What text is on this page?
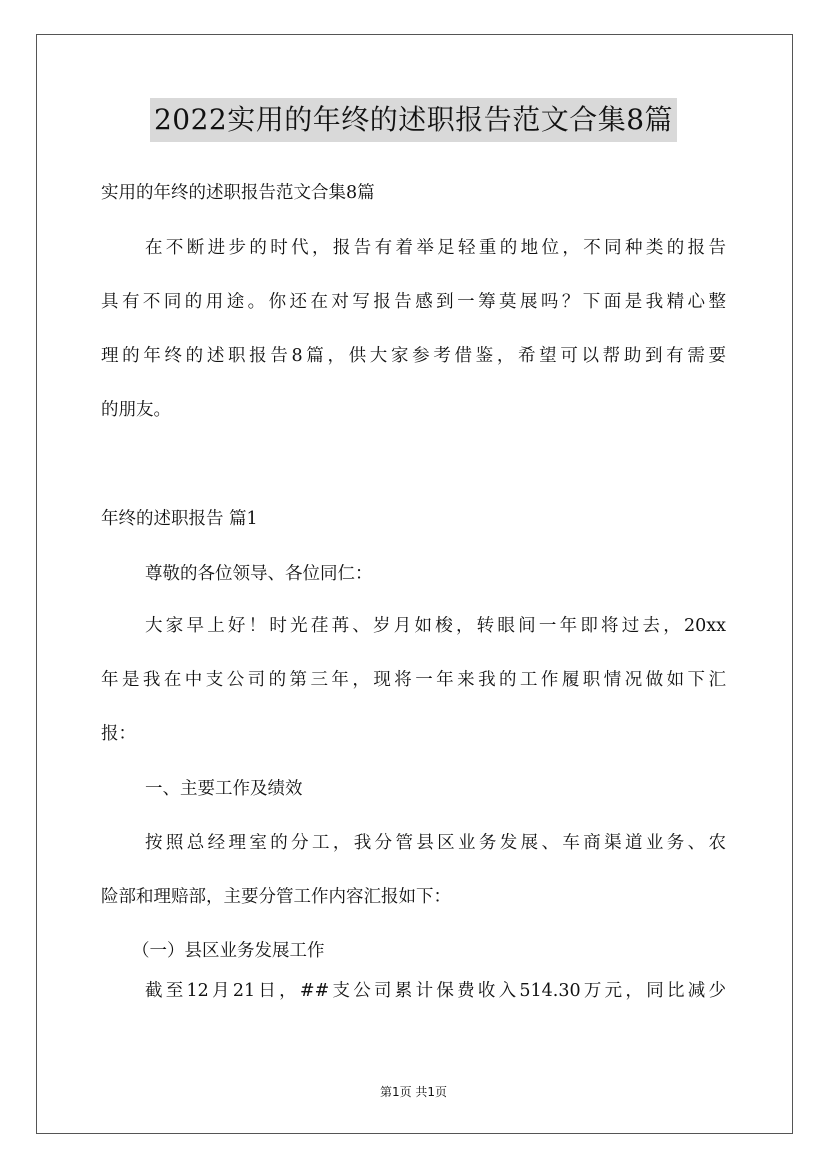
2022实用的年终的述职报告范文合集8篇
实用的年终的述职报告范文合集8篇
在不断进步的时代，报告有着举足轻重的地位，不同种类的报告
具有不同的用途。你还在对写报告感到一筹莫展吗？下面是我精心整
理的年终的述职报告8篇，供大家参考借鉴，希望可以帮助到有需要
的朋友。
年终的述职报告 篇1
尊敬的各位领导、各位同仁：
大家早上好！时光荏苒、岁月如梭，转眼间一年即将过去，20xx
年是我在中支公司的第三年，现将一年来我的工作履职情况做如下汇
报：
一、主要工作及绩效
按照总经理室的分工，我分管县区业务发展、车商渠道业务、农
险部和理赔部，主要分管工作内容汇报如下：
（一）县区业务发展工作
截至12月21日，##支公司累计保费收入514.30万元，同比减少
第1页 共1页
